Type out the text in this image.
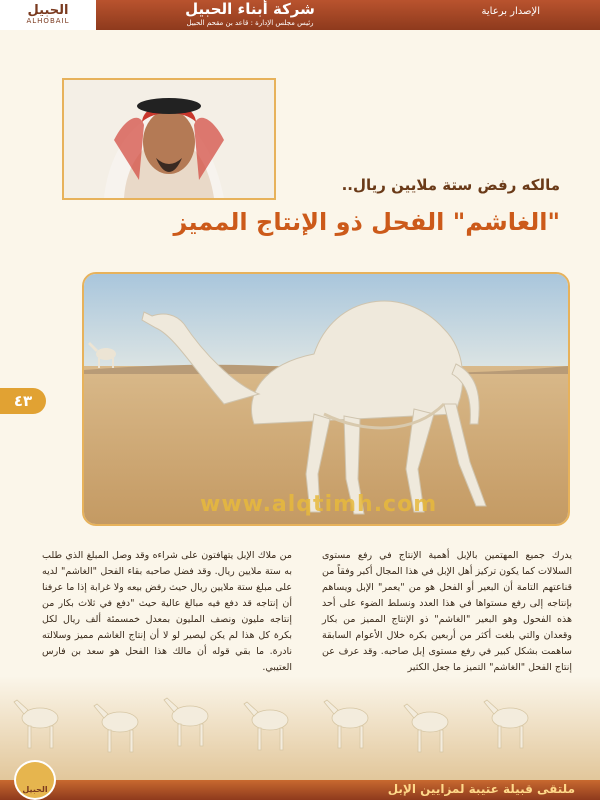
الحبيل
ALHOBAIL
شركة أبناء الحبيل
رئيس مجلس الإدارة : قاعد بن مقحم الحبيل
الإصدار برعاية
مالكه رفض ستة ملايين ريال..
"الغاشم" الفحل ذو الإنتاج المميز
www.alqtimh.com
٤٣

يدرك جميع المهتمين بالإبل أهمية الإنتاج في رفع مستوى السلالات كما يكون تركيز أهل الإبل في هذا المجال أكبر وفقاً من قناعتهم التامة أن البعير أو الفحل هو من "يعمر" الإبل ويساهم بإنتاجه إلى رفع مستواها في هذا العدد ونسلط الضوء على أحد هذه الفحول وهو البعير "الغاشم" ذو الإنتاج المميز من بكار وقعدان والتي بلغت أكثر من أربعين بكره خلال الأعوام السابقة ساهمت بشكل كبير في رفع مستوى إبل صاحبه. وقد عرف عن إنتاج الفحل "الغاشم" التميز ما جعل الكثير

من ملاك الإبل يتهافتون على شراءه وقد وصل المبلغ الذي طلب به ستة ملايين ريال. وقد فضل صاحبه بقاء الفحل "الغاشم" لديه على مبلغ ستة ملايين ريال حيث رفض بيعه ولا غرابة إذا ما عرفنا أن إنتاجه قد دفع فيه مبالغ عالية حيث "دفع في ثلاث بكار من إنتاجه مليون ونصف المليون بمعدل خمسمئة ألف ريال لكل بكرة كل هذا لم يكن ليصير لو لا أن إنتاج الغاشم مميز وسلالته نادرة. ما بقي قوله أن مالك هذا الفحل هو سعد بن فارس العتيبي.

ملتقى قبيلة عتيبة لمزايين الإبل
الحبيل
